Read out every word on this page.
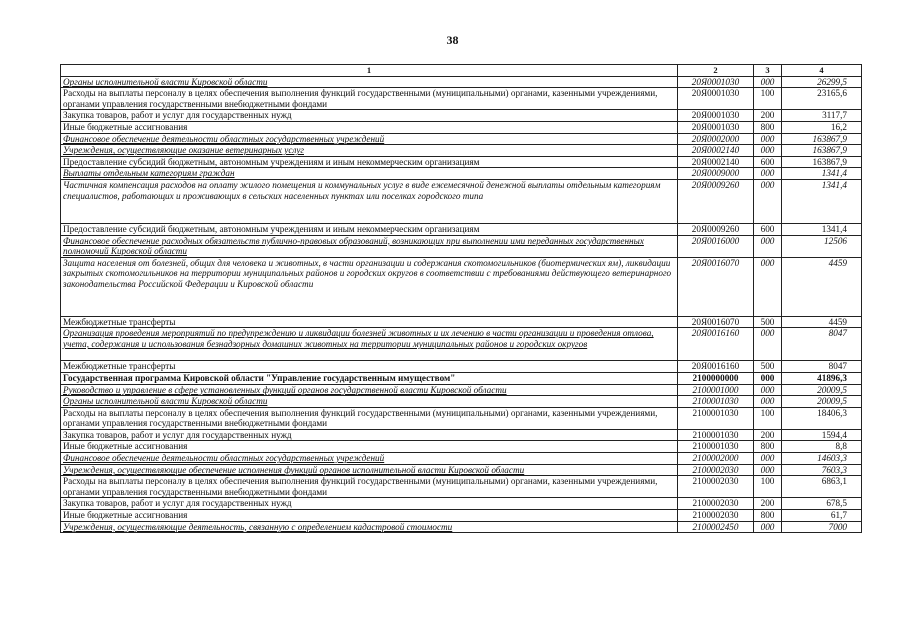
38
1	2	3	4
Органы исполнительной власти Кировской области	20Я0001030	000	26299,5
Расходы на выплаты персоналу в целях обеспечения выполнения функций государственными (муниципальными) органами, казенными учреждениями, органами управления государственными внебюджетными фондами	20Я0001030	100	23165,6
Закупка товаров, работ и услуг для государственных нужд	20Я0001030	200	3117,7
Иные бюджетные ассигнования	20Я0001030	800	16,2
Финансовое обеспечение деятельности областных государственных учреждений	20Я0002000	000	163867,9
Учреждения, осуществляющие оказание ветеринарных услуг	20Я0002140	000	163867,9
Предоставление субсидий бюджетным, автономным учреждениям и иным некоммерческим организациям	20Я0002140	600	163867,9
Выплаты отдельным категориям граждан	20Я0009000	000	1341,4
Частичная компенсация расходов на оплату жилого помещения и коммунальных услуг в виде ежемесячной денежной выплаты отдельным категориям специалистов, работающих и проживающих в сельских населенных пунктах или поселках городского типа	20Я0009260	000	1341,4
Предоставление субсидий бюджетным, автономным учреждениям и иным некоммерческим организациям	20Я0009260	600	1341,4
Финансовое обеспечение расходных обязательств публично-правовых образований, возникающих при выполнении ими переданных государственных полномочий Кировской области	20Я0016000	000	12506
Защита населения от болезней, общих для человека и животных, в части организации и содержания скотомогильников (биотермических ям), ликвидации закрытых скотомогильников на территории муниципальных районов и городских округов в соответствии с требованиями действующего ветеринарного законодательства Российской Федерации и Кировской области	20Я0016070	000	4459
Межбюджетные трансферты	20Я0016070	500	4459
Организация проведения мероприятий по предупреждению и ликвидации болезней животных и их лечению в части организации и проведения отлова, учета, содержания и использования безнадзорных домашних животных на территории муниципальных районов и городских округов	20Я0016160	000	8047
Межбюджетные трансферты	20Я0016160	500	8047
Государственная программа Кировской области "Управление государственным имуществом"	2100000000	000	41896,3
Руководство и управление в сфере установленных функций органов государственной власти Кировской области	2100001000	000	20009,5
Органы исполнительной власти Кировской области	2100001030	000	20009,5
Расходы на выплаты персоналу в целях обеспечения выполнения функций государственными (муниципальными) органами, казенными учреждениями, органами управления государственными внебюджетными фондами	2100001030	100	18406,3
Закупка товаров, работ и услуг для государственных нужд	2100001030	200	1594,4
Иные бюджетные ассигнования	2100001030	800	8,8
Финансовое обеспечение деятельности областных государственных учреждений	2100002000	000	14603,3
Учреждения, осуществляющие обеспечение исполнения функций органов исполнительной власти Кировской области	2100002030	000	7603,3
Расходы на выплаты персоналу в целях обеспечения выполнения функций государственными (муниципальными) органами, казенными учреждениями, органами управления государственными внебюджетными фондами	2100002030	100	6863,1
Закупка товаров, работ и услуг для государственных нужд	2100002030	200	678,5
Иные бюджетные ассигнования	2100002030	800	61,7
Учреждения, осуществляющие деятельность, связанную с определением кадастровой стоимости	2100002450	000	7000
